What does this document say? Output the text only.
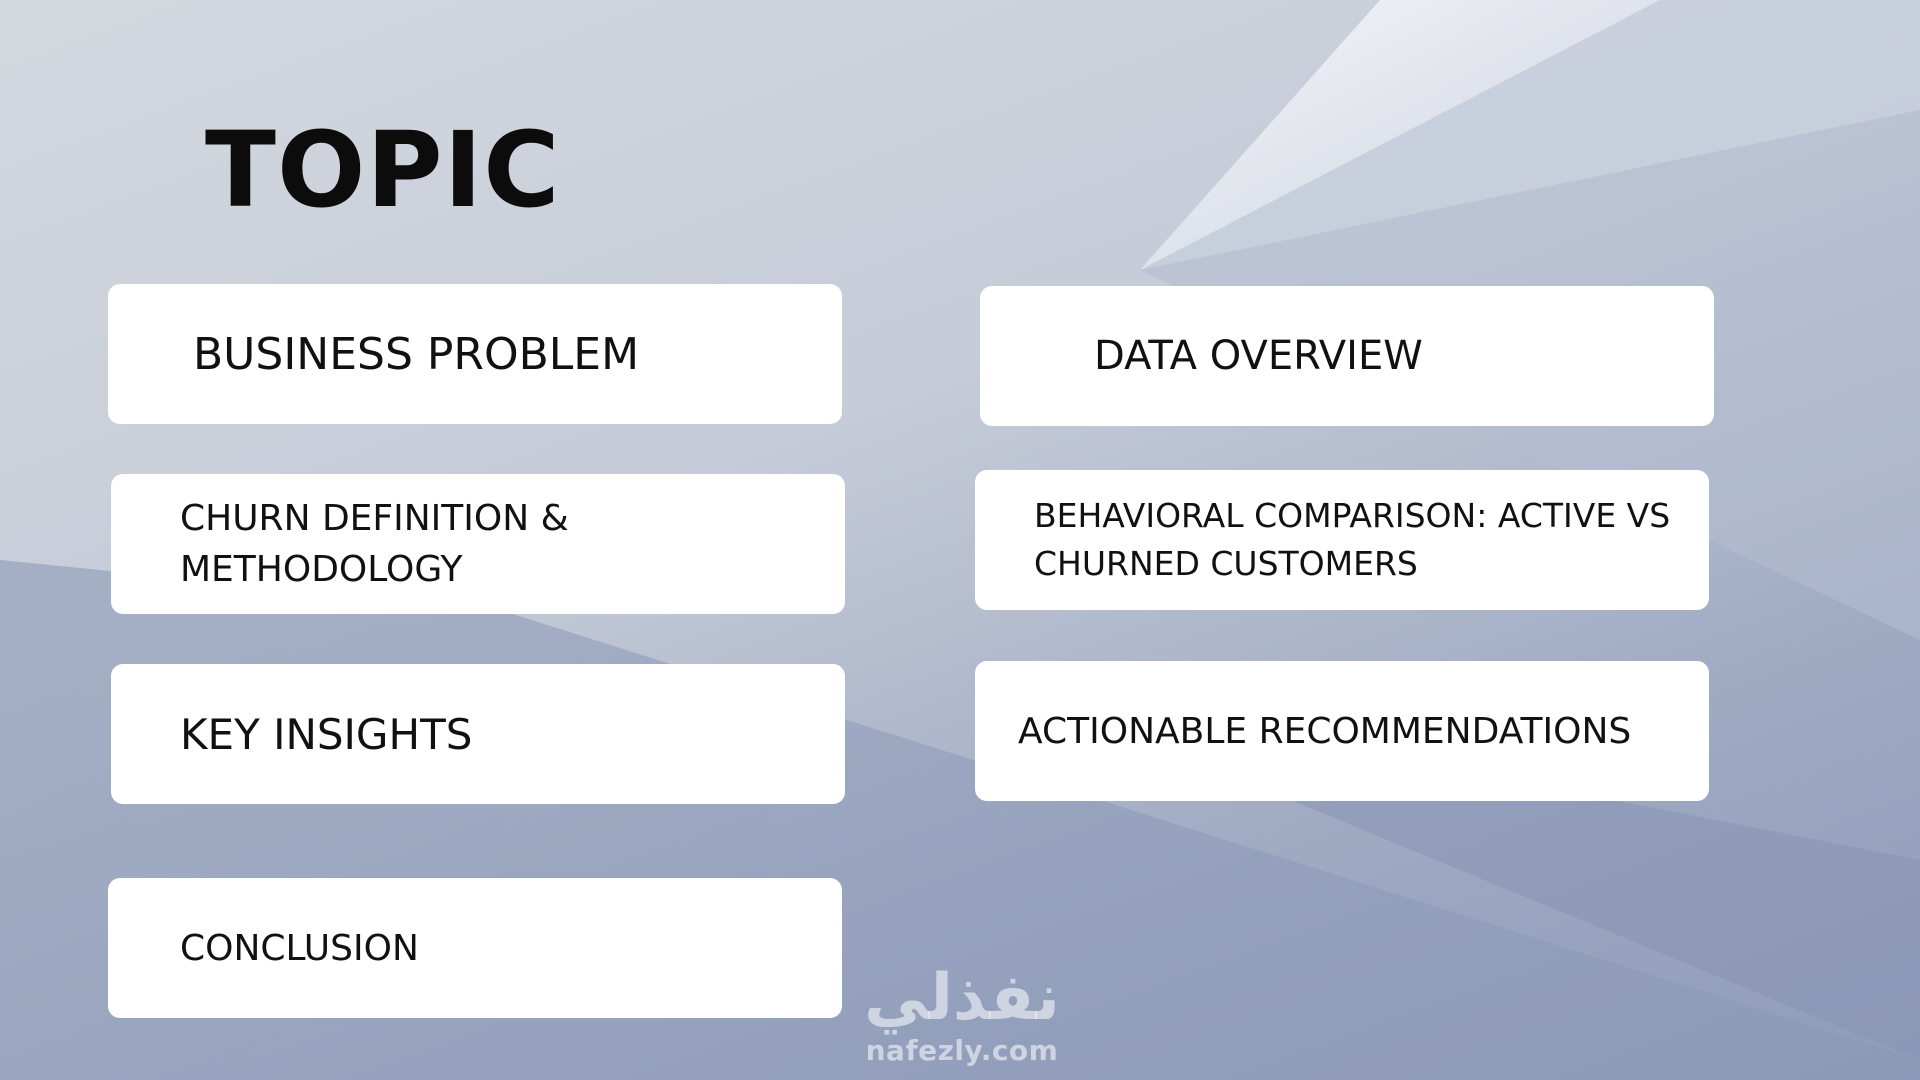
TOPIC
BUSINESS PROBLEM	DATA OVERVIEW
CHURN DEFINITION & METHODOLOGY
BEHAVIORAL COMPARISON: ACTIVE VS CHURNED CUSTOMERS
KEY INSIGHTS	ACTIONABLE RECOMMENDATIONS
CONCLUSION
نفذلي
nafezly.com
